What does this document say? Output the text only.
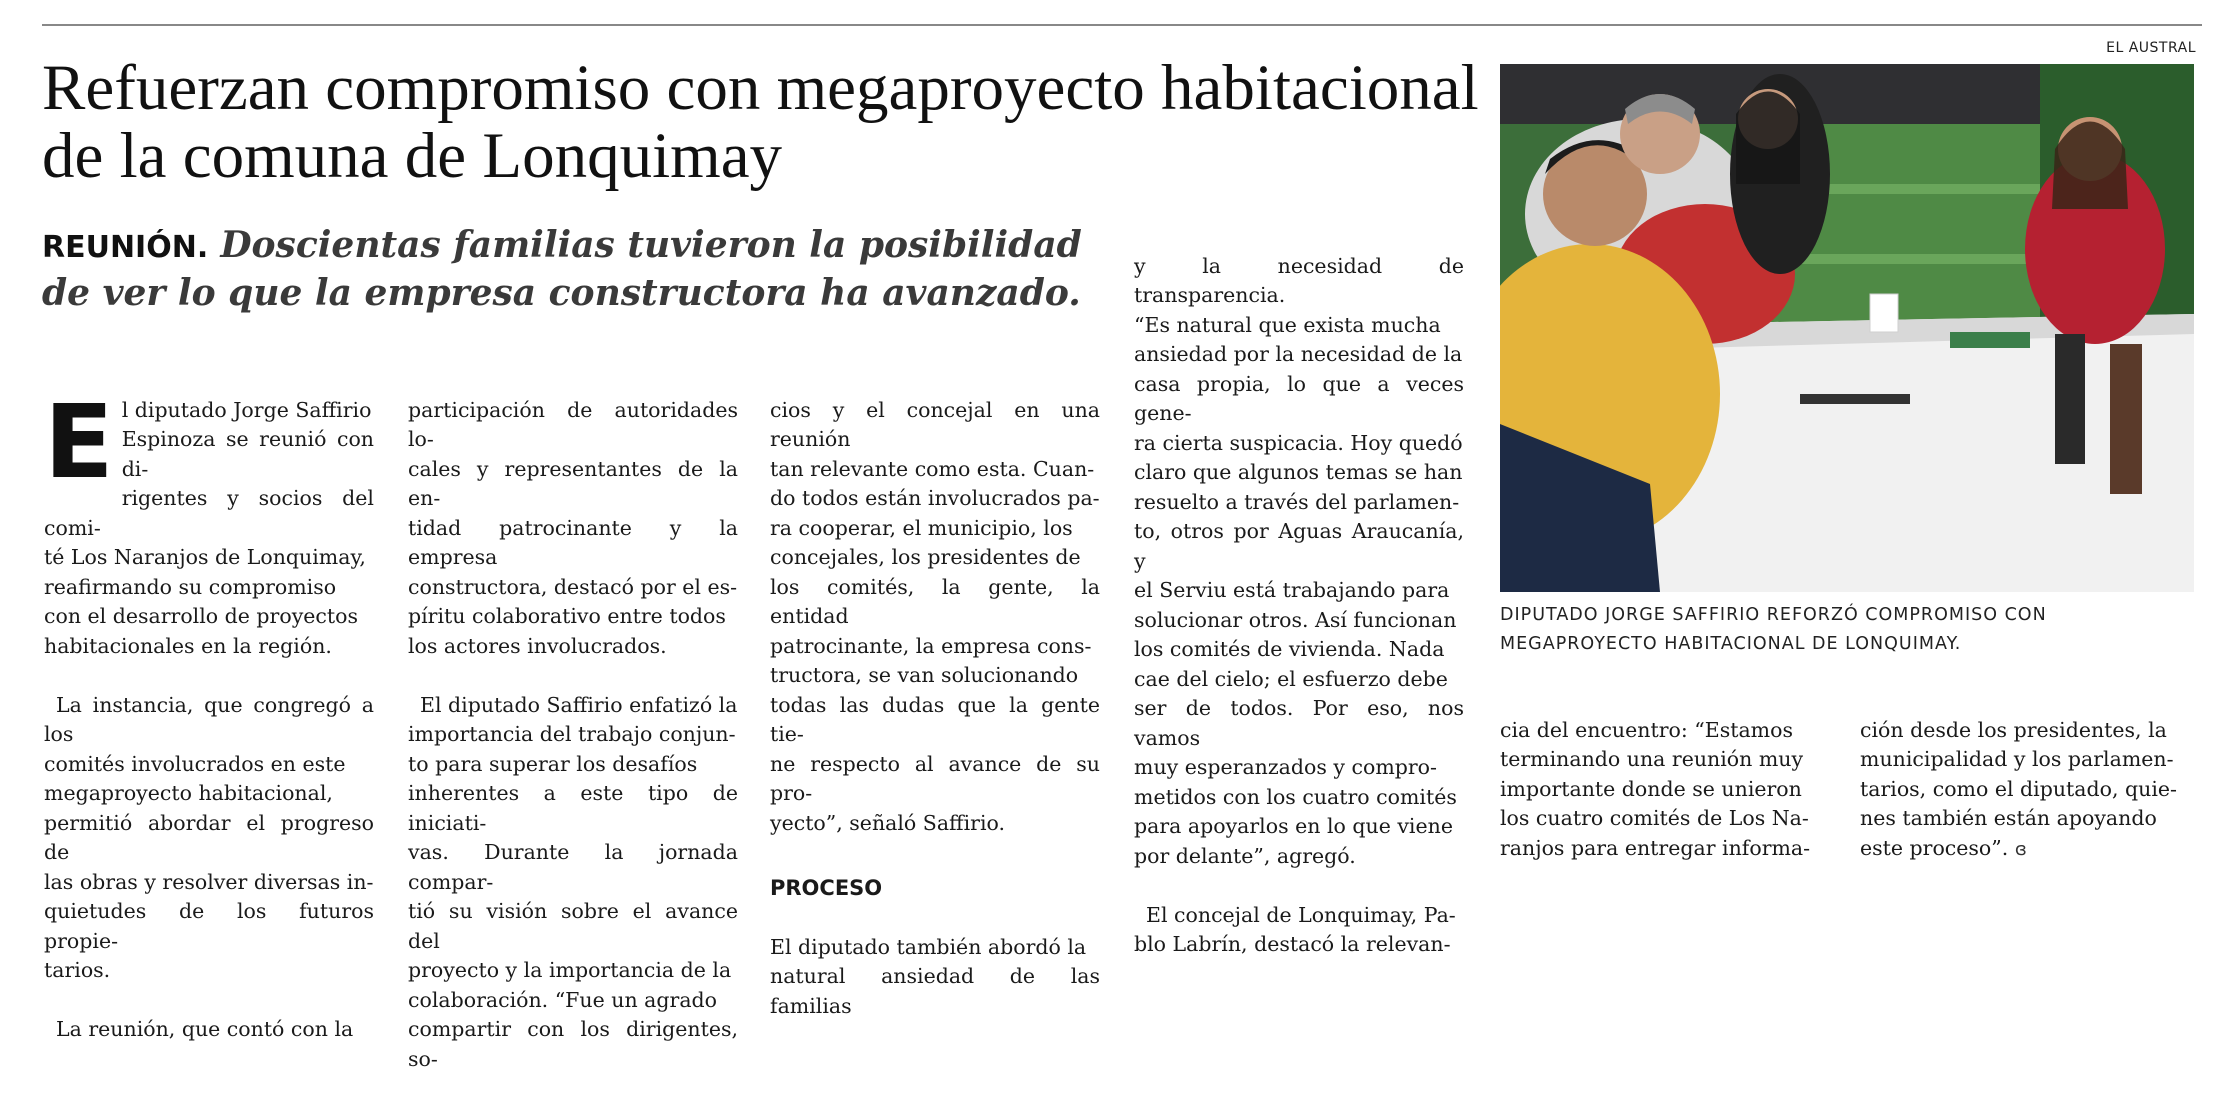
EL AUSTRAL
Refuerzan compromiso con megaproyecto habitacional de la comuna de Lonquimay
REUNIÓN. Doscientas familias tuvieron la posibilidad de ver lo que la empresa constructora ha avanzado.

El diputado Jorge Saffirio
Espinoza se reunió con di-
rigentes y socios del comi-
té Los Naranjos de Lonquimay,
reafirmando su compromiso
con el desarrollo de proyectos
habitacionales en la región.

La instancia, que congregó a los
comités involucrados en este
megaproyecto habitacional,
permitió abordar el progreso de
las obras y resolver diversas in-
quietudes de los futuros propie-
tarios.

La reunión, que contó con la

participación de autoridades lo-
cales y representantes de la en-
tidad patrocinante y la empresa
constructora, destacó por el es-
píritu colaborativo entre todos
los actores involucrados.

El diputado Saffirio enfatizó la
importancia del trabajo conjun-
to para superar los desafíos
inherentes a este tipo de iniciati-
vas. Durante la jornada compar-
tió su visión sobre el avance del
proyecto y la importancia de la
colaboración. “Fue un agrado
compartir con los dirigentes, so-

cios y el concejal en una reunión
tan relevante como esta. Cuan-
do todos están involucrados pa-
ra cooperar, el municipio, los
concejales, los presidentes de
los comités, la gente, la entidad
patrocinante, la empresa cons-
tructora, se van solucionando
todas las dudas que la gente tie-
ne respecto al avance de su pro-
yecto”, señaló Saffirio.

PROCESO

El diputado también abordó la
natural ansiedad de las familias

y la necesidad de transparencia.
“Es natural que exista mucha
ansiedad por la necesidad de la
casa propia, lo que a veces gene-
ra cierta suspicacia. Hoy quedó
claro que algunos temas se han
resuelto a través del parlamen-
to, otros por Aguas Araucanía, y
el Serviu está trabajando para
solucionar otros. Así funcionan
los comités de vivienda. Nada
cae del cielo; el esfuerzo debe
ser de todos. Por eso, nos vamos
muy esperanzados y compro-
metidos con los cuatro comités
para apoyarlos en lo que viene
por delante”, agregó.

El concejal de Lonquimay, Pa-
blo Labrín, destacó la relevan-

cia del encuentro: “Estamos
terminando una reunión muy
importante donde se unieron
los cuatro comités de Los Na-
ranjos para entregar informa-

ción desde los presidentes, la
municipalidad y los parlamen-
tarios, como el diputado, quie-
nes también están apoyando
este proceso”. ɞ

DIPUTADO JORGE SAFFIRIO REFORZÓ COMPROMISO CON MEGAPROYECTO HABITACIONAL DE LONQUIMAY.
